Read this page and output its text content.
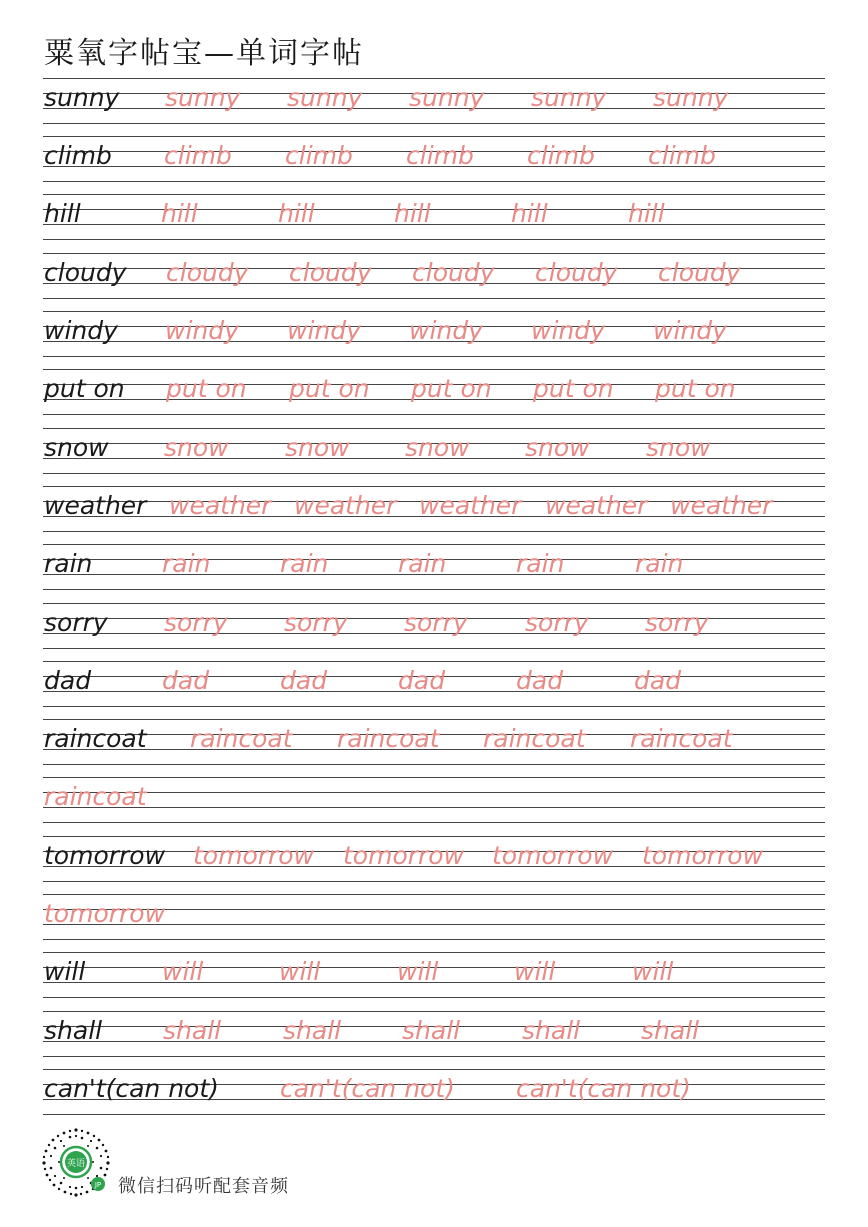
粟氧字帖宝—单词字帖
sunny sunny sunny sunny sunny sunny
climb climb climb climb climb climb
hill	hill	hill	hill	hill	hill
cloudy cloudy cloudy cloudy cloudy cloudy
windy windy windy windy windy windy
put on put on put on put on put on put on
snow snow snow snow snow snow
weather weather weather weather weather weather
rain	rain	rain	rain	rain	rain
sorry sorry sorry sorry sorry sorry
dad	dad	dad	dad	dad	dad
raincoat raincoat raincoat raincoat raincoat
raincoat
tomorrow tomorrow tomorrow tomorrow tomorrow
tomorrow
will	will	will	will	will	will
shall shall shall shall shall shall
can't(can not) can't(can not) can't(can not)
英语
JP 微信扫码听配套音频
